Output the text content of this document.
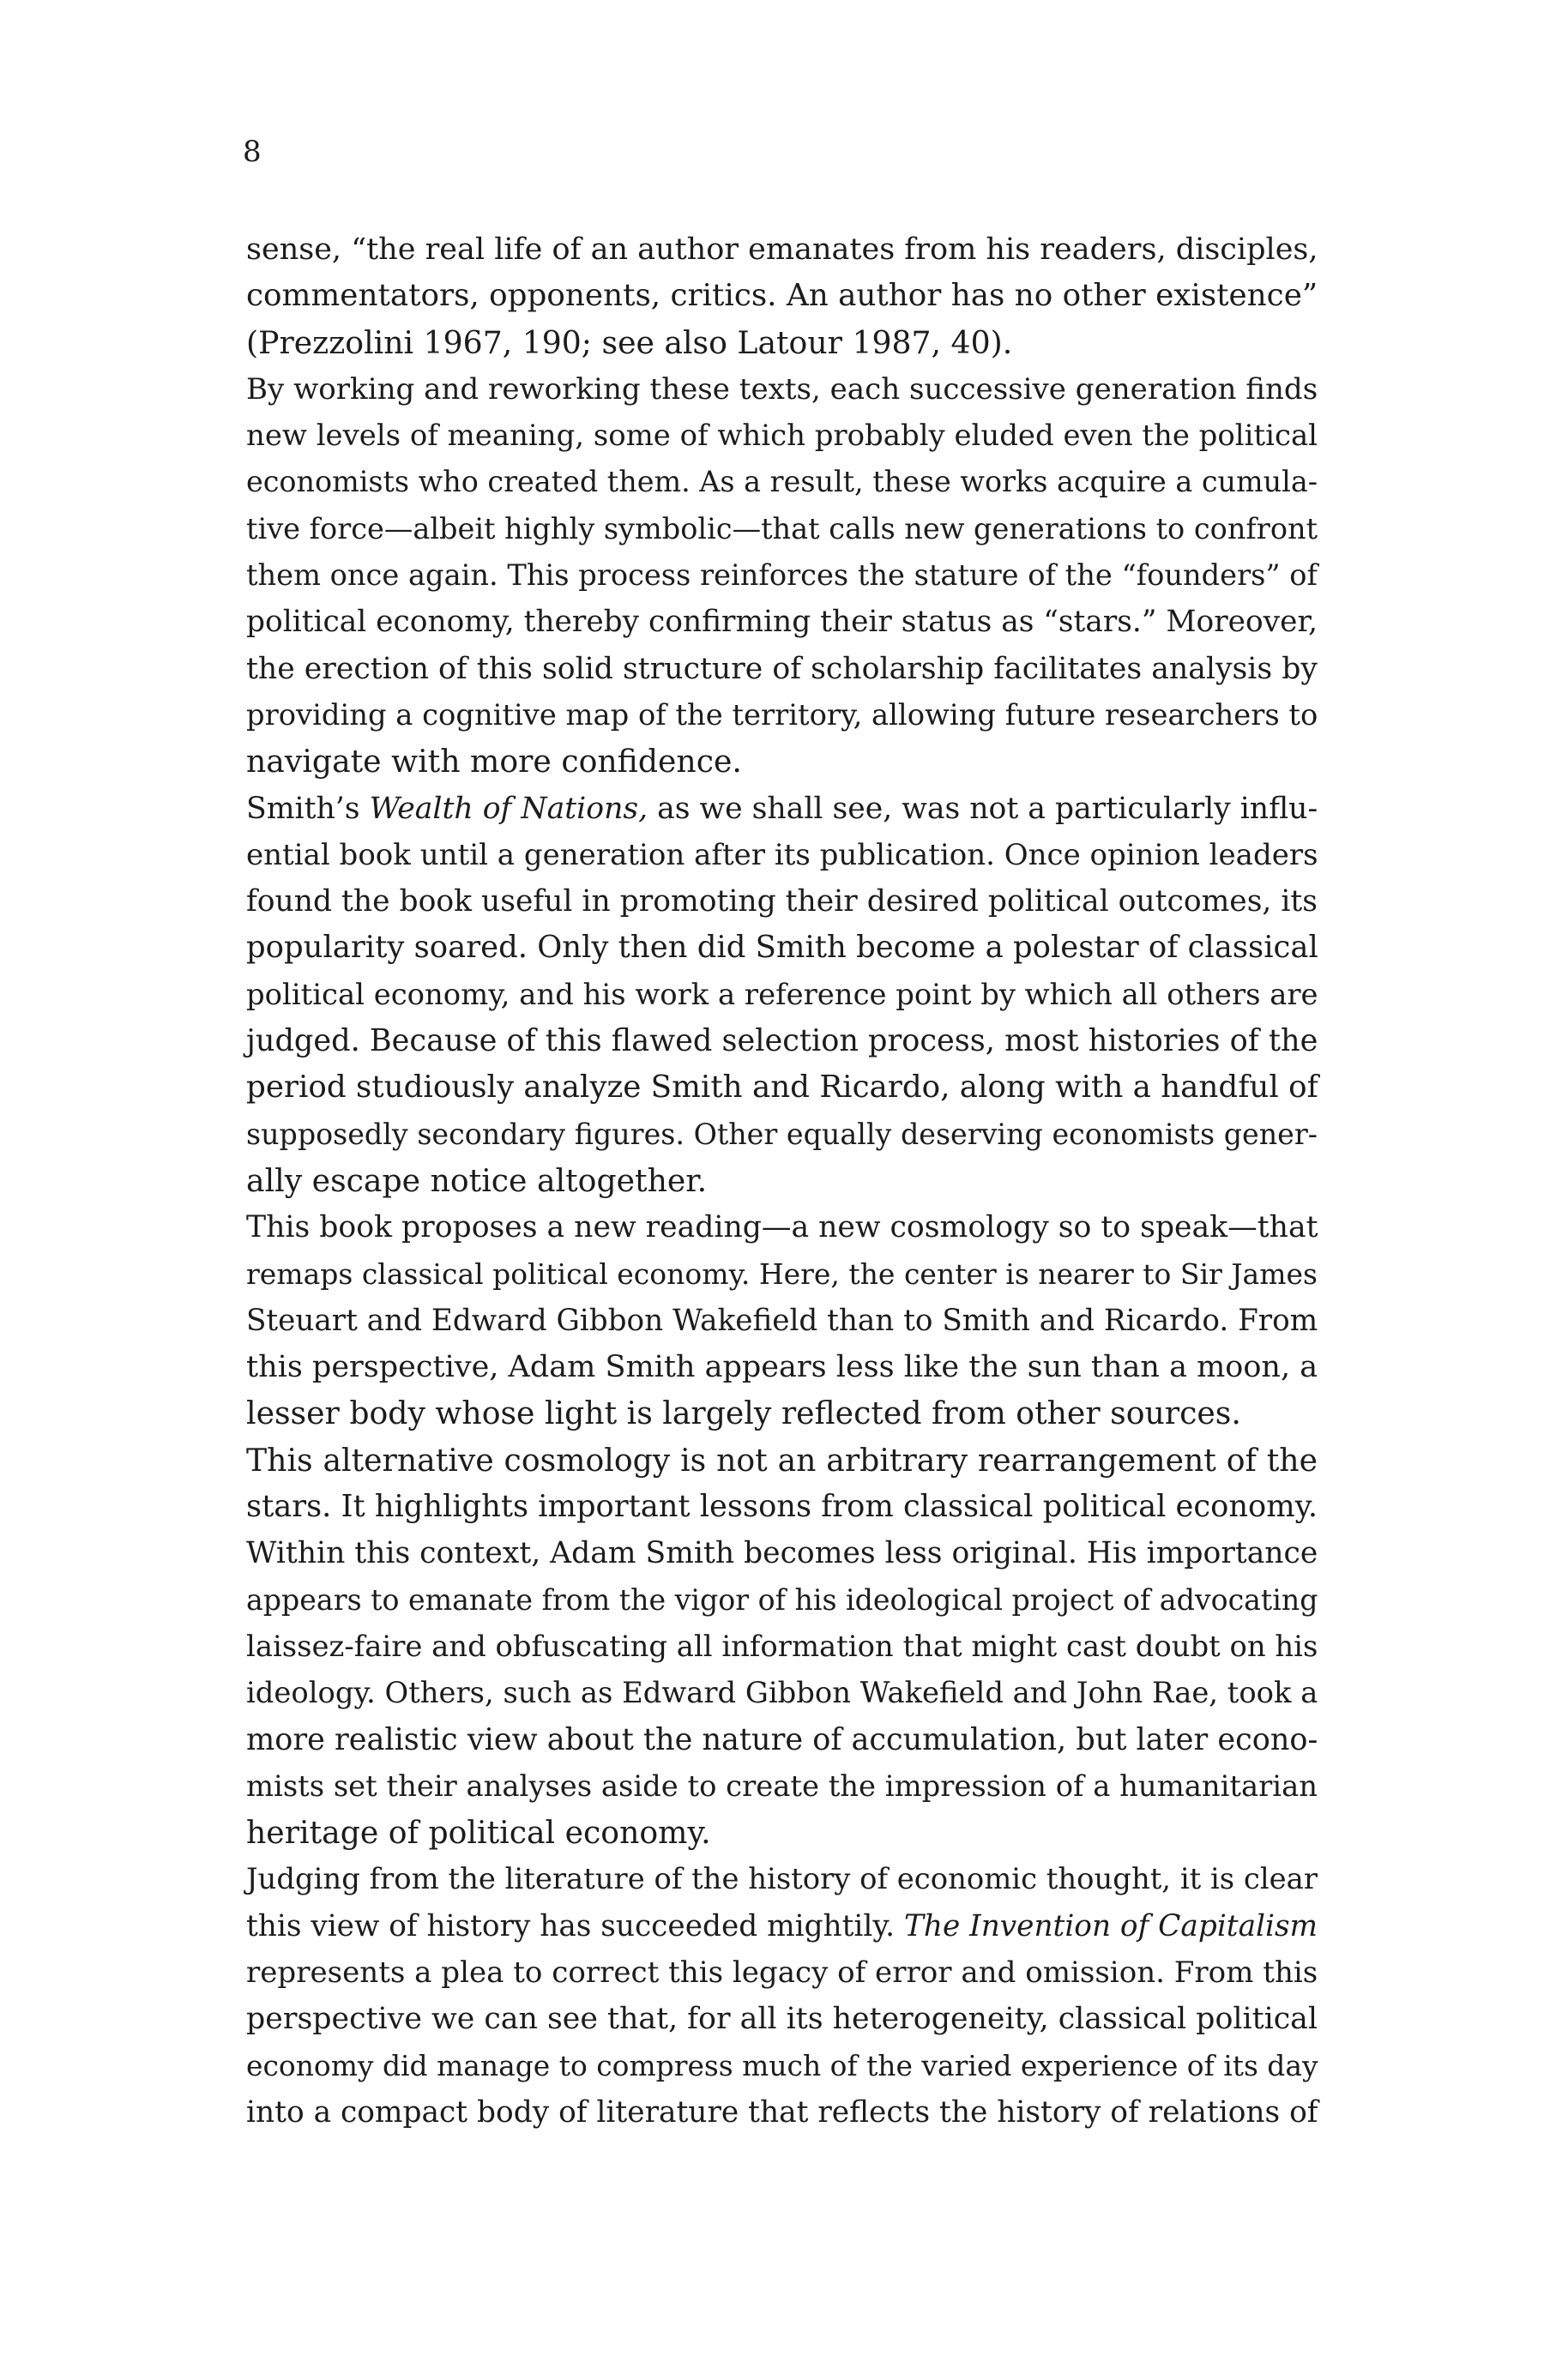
8
sense, “the real life of an author emanates from his readers, disciples,
commentators, opponents, critics. An author has no other existence”
(Prezzolini 1967, 190; see also Latour 1987, 40).
By working and reworking these texts, each successive generation finds
new levels of meaning, some of which probably eluded even the political
economists who created them. As a result, these works acquire a cumula-
tive force—albeit highly symbolic—that calls new generations to confront
them once again. This process reinforces the stature of the “founders” of
political economy, thereby confirming their status as “stars.” Moreover,
the erection of this solid structure of scholarship facilitates analysis by
providing a cognitive map of the territory, allowing future researchers to
navigate with more confidence.
Smith’s Wealth of Nations, as we shall see, was not a particularly influ-
ential book until a generation after its publication. Once opinion leaders
found the book useful in promoting their desired political outcomes, its
popularity soared. Only then did Smith become a polestar of classical
political economy, and his work a reference point by which all others are
judged. Because of this flawed selection process, most histories of the
period studiously analyze Smith and Ricardo, along with a handful of
supposedly secondary figures. Other equally deserving economists gener-
ally escape notice altogether.
This book proposes a new reading—a new cosmology so to speak—that
remaps classical political economy. Here, the center is nearer to Sir James
Steuart and Edward Gibbon Wakefield than to Smith and Ricardo. From
this perspective, Adam Smith appears less like the sun than a moon, a
lesser body whose light is largely reflected from other sources.
This alternative cosmology is not an arbitrary rearrangement of the
stars. It highlights important lessons from classical political economy.
Within this context, Adam Smith becomes less original. His importance
appears to emanate from the vigor of his ideological project of advocating
laissez-faire and obfuscating all information that might cast doubt on his
ideology. Others, such as Edward Gibbon Wakefield and John Rae, took a
more realistic view about the nature of accumulation, but later econo-
mists set their analyses aside to create the impression of a humanitarian
heritage of political economy.
Judging from the literature of the history of economic thought, it is clear
this view of history has succeeded mightily. The Invention of Capitalism
represents a plea to correct this legacy of error and omission. From this
perspective we can see that, for all its heterogeneity, classical political
economy did manage to compress much of the varied experience of its day
into a compact body of literature that reflects the history of relations of
